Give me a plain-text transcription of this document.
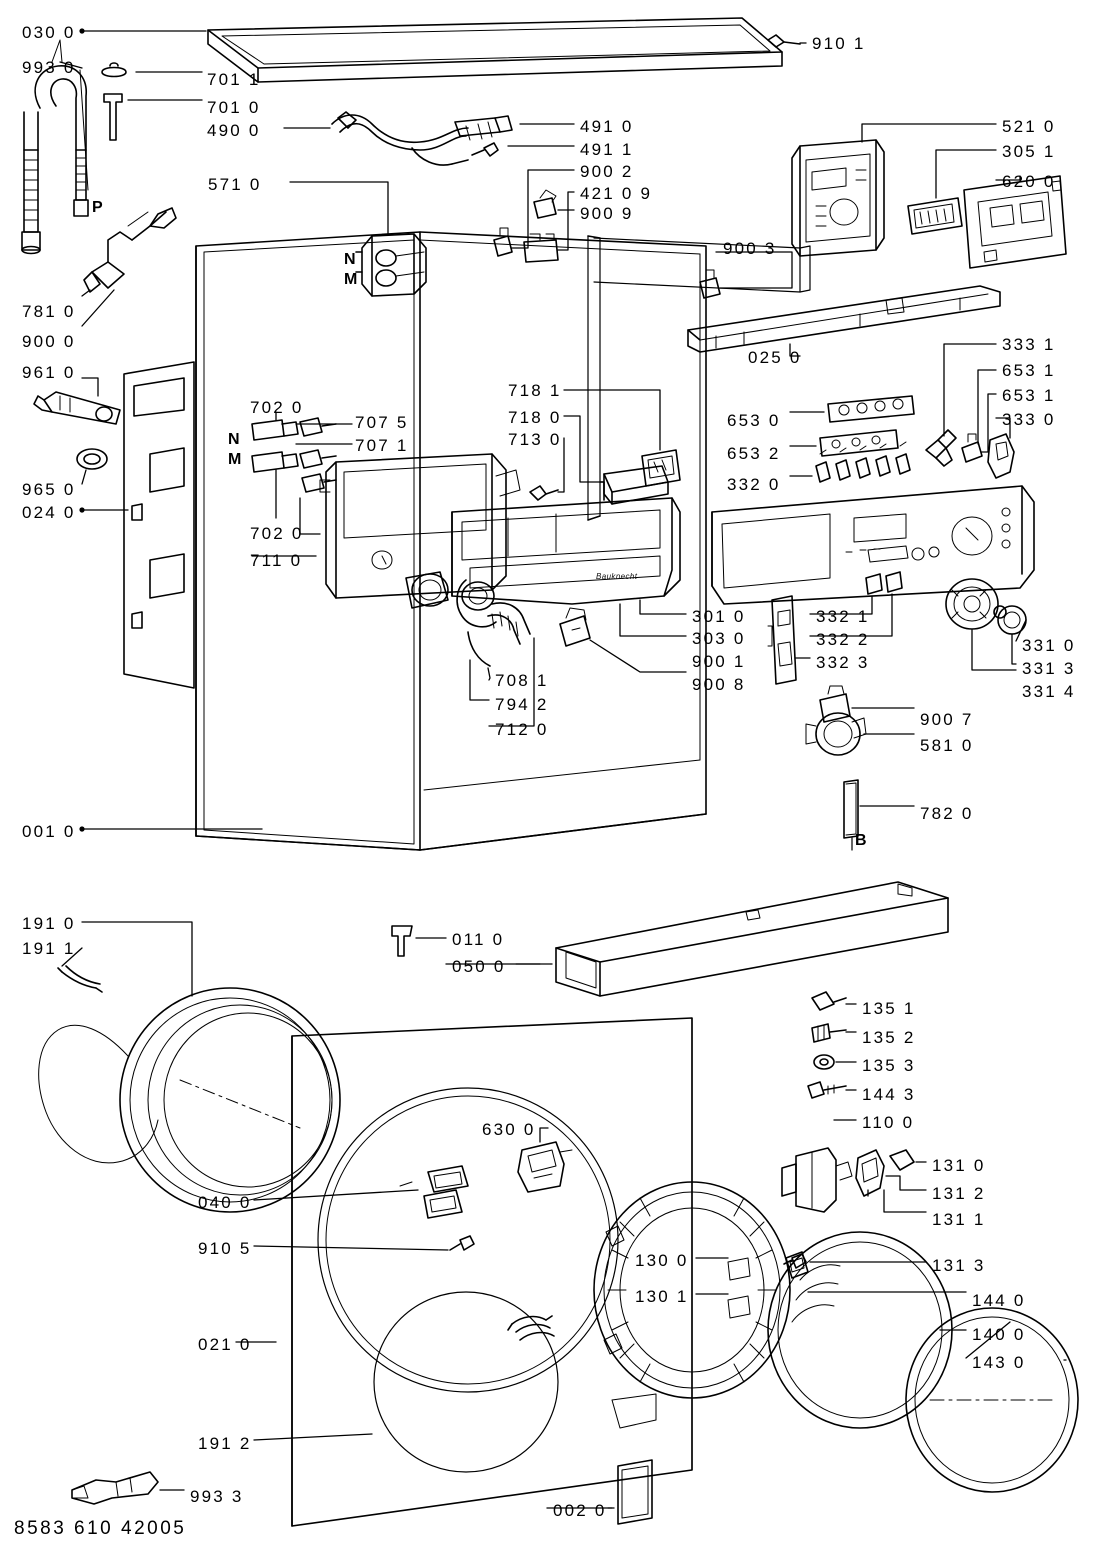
030 0
993 0
910 1
701 1
701 0
490 0	491 0	521 0
491 1	305 1
900 2
620 0
571 0	421 0 9
900 9
900 3
781 0
900 0
025 0
333 1
961 0	653 1
653 1
718 1
653 0	333 0
702 0
718 0
707 5
707 1	713 0
653 2
332 0
965 0
024 0
702 0
711 0
301 0	332 1
303 0	332 2	331 0
900 1	332 3	331 3
900 8	331 4
708 1
794 2
712 0
900 7
581 0
782 0
001 0
191 0
191 1	011 0
050 0
135 1
135 2
135 3
144 3
110 0
630 0
131 0
131 2
131 1
040 0
910 5
131 3
130 0
144 0
130 1
140 0
143 0
021 0
191 2
993 3
002 0
P
N
M
N
M
B
Bauknecht
8583 610 42005
